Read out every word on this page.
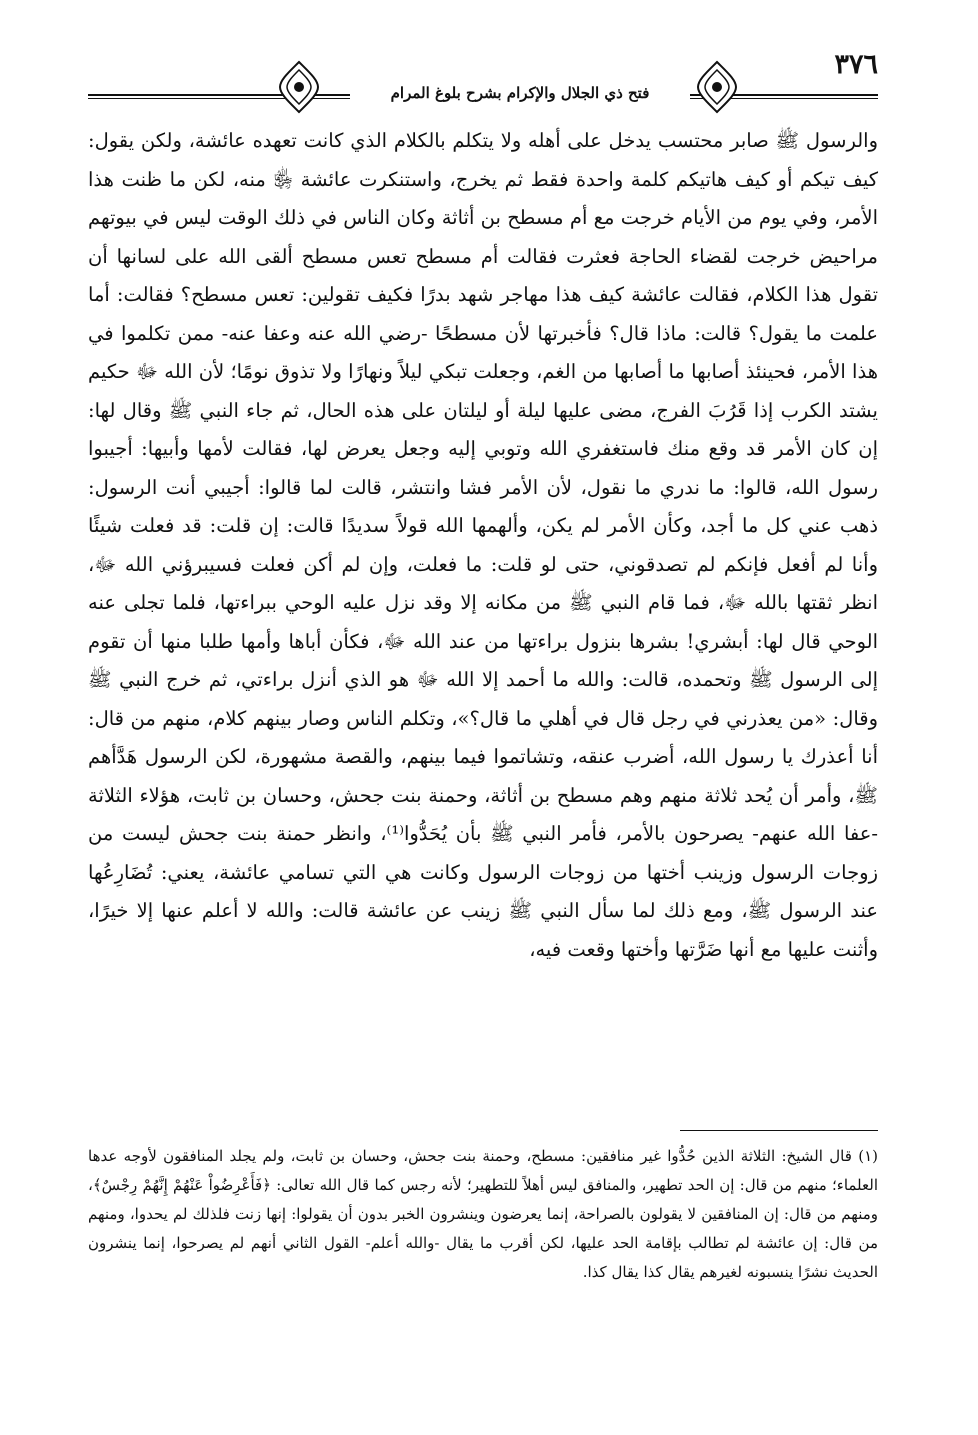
٣٧٦
فتح ذي الجلال والإكرام بشرح بلوغ المرام

والرسول ﷺ صابر محتسب يدخل على أهله ولا يتكلم بالكلام الذي كانت تعهده عائشة، ولكن يقول: كيف تيكم أو كيف هاتيكم كلمة واحدة فقط ثم يخرج، واستنكرت عائشة ﵂ منه، لكن ما ظنت هذا الأمر، وفي يوم من الأيام خرجت مع أم مسطح بن أثاثة وكان الناس في ذلك الوقت ليس في بيوتهم مراحيض خرجت لقضاء الحاجة فعثرت فقالت أم مسطح تعس مسطح ألقى الله على لسانها أن تقول هذا الكلام، فقالت عائشة كيف هذا مهاجر شهد بدرًا فكيف تقولين: تعس مسطح؟ فقالت: أما علمت ما يقول؟ قالت: ماذا قال؟ فأخبرتها لأن مسطحًا -رضي الله عنه وعفا عنه- ممن تكلموا في هذا الأمر، فحينئذ أصابها ما أصابها من الغم، وجعلت تبكي ليلاً ونهارًا ولا تذوق نومًا؛ لأن الله ﷻ حكيم يشتد الكرب إذا قَرُبَ الفرج، مضى عليها ليلة أو ليلتان على هذه الحال، ثم جاء النبي ﷺ وقال لها: إن كان الأمر قد وقع منك فاستغفري الله وتوبي إليه وجعل يعرض لها، فقالت لأمها وأبيها: أجيبوا رسول الله، قالوا: ما ندري ما نقول، لأن الأمر فشا وانتشر، قالت لما قالوا: أجيبي أنت الرسول: ذهب عني كل ما أجد، وكأن الأمر لم يكن، وألهمها الله قولاً سديدًا قالت: إن قلت: قد فعلت شيئًا وأنا لم أفعل فإنكم لم تصدقوني، حتى لو قلت: ما فعلت، وإن لم أكن فعلت فسيبرؤني الله ﷻ، انظر ثقتها بالله ﷻ، فما قام النبي ﷺ من مكانه إلا وقد نزل عليه الوحي ببراءتها، فلما تجلى عنه الوحي قال لها: أبشري! بشرها بنزول براءتها من عند الله ﷻ، فكأن أباها وأمها طلبا منها أن تقوم إلى الرسول ﷺ وتحمده، قالت: والله ما أحمد إلا الله ﷻ هو الذي أنزل براءتي، ثم خرج النبي ﷺ وقال: «من يعذرني في رجل قال في أهلي ما قال؟»، وتكلم الناس وصار بينهم كلام، منهم من قال: أنا أعذرك يا رسول الله، أضرب عنقه، وتشاتموا فيما بينهم، والقصة مشهورة، لكن الرسول هَدَّأهم ﷺ، وأمر أن يُحد ثلاثة منهم وهم مسطح بن أثاثة، وحمنة بنت جحش، وحسان بن ثابت، هؤلاء الثلاثة -عفا الله عنهم- يصرحون بالأمر، فأمر النبي ﷺ بأن يُحَدُّوا⁽¹⁾، وانظر حمنة بنت جحش ليست من زوجات الرسول وزينب أختها من زوجات الرسول وكانت هي التي تسامي عائشة، يعني: تُضَارِعُها عند الرسول ﷺ، ومع ذلك لما سأل النبي ﷺ زينب عن عائشة قالت: والله لا أعلم عنها إلا خيرًا، وأثنت عليها مع أنها ضَرَّتها وأختها وقعت فيه،

(١) قال الشيخ: الثلاثة الذين حُدُّوا غير منافقين: مسطح، وحمنة بنت جحش، وحسان بن ثابت، ولم يجلد المنافقون لأوجه عدها العلماء؛ منهم من قال: إن الحد تطهير، والمنافق ليس أهلاً للتطهير؛ لأنه رجس كما قال الله تعالى: ﴿فَأَعْرِضُواْ عَنْهُمْ إِنَّهُمْ رِجْسٌ﴾، ومنهم من قال: إن المنافقين لا يقولون بالصراحة، إنما يعرضون وينشرون الخبر بدون أن يقولوا: إنها زنت فلذلك لم يحدوا، ومنهم من قال: إن عائشة لم تطالب بإقامة الحد عليها، لكن أقرب ما يقال -والله أعلم- القول الثاني أنهم لم يصرحوا، إنما ينشرون الحديث نشرًا ينسبونه لغيرهم يقال كذا يقال كذا.
